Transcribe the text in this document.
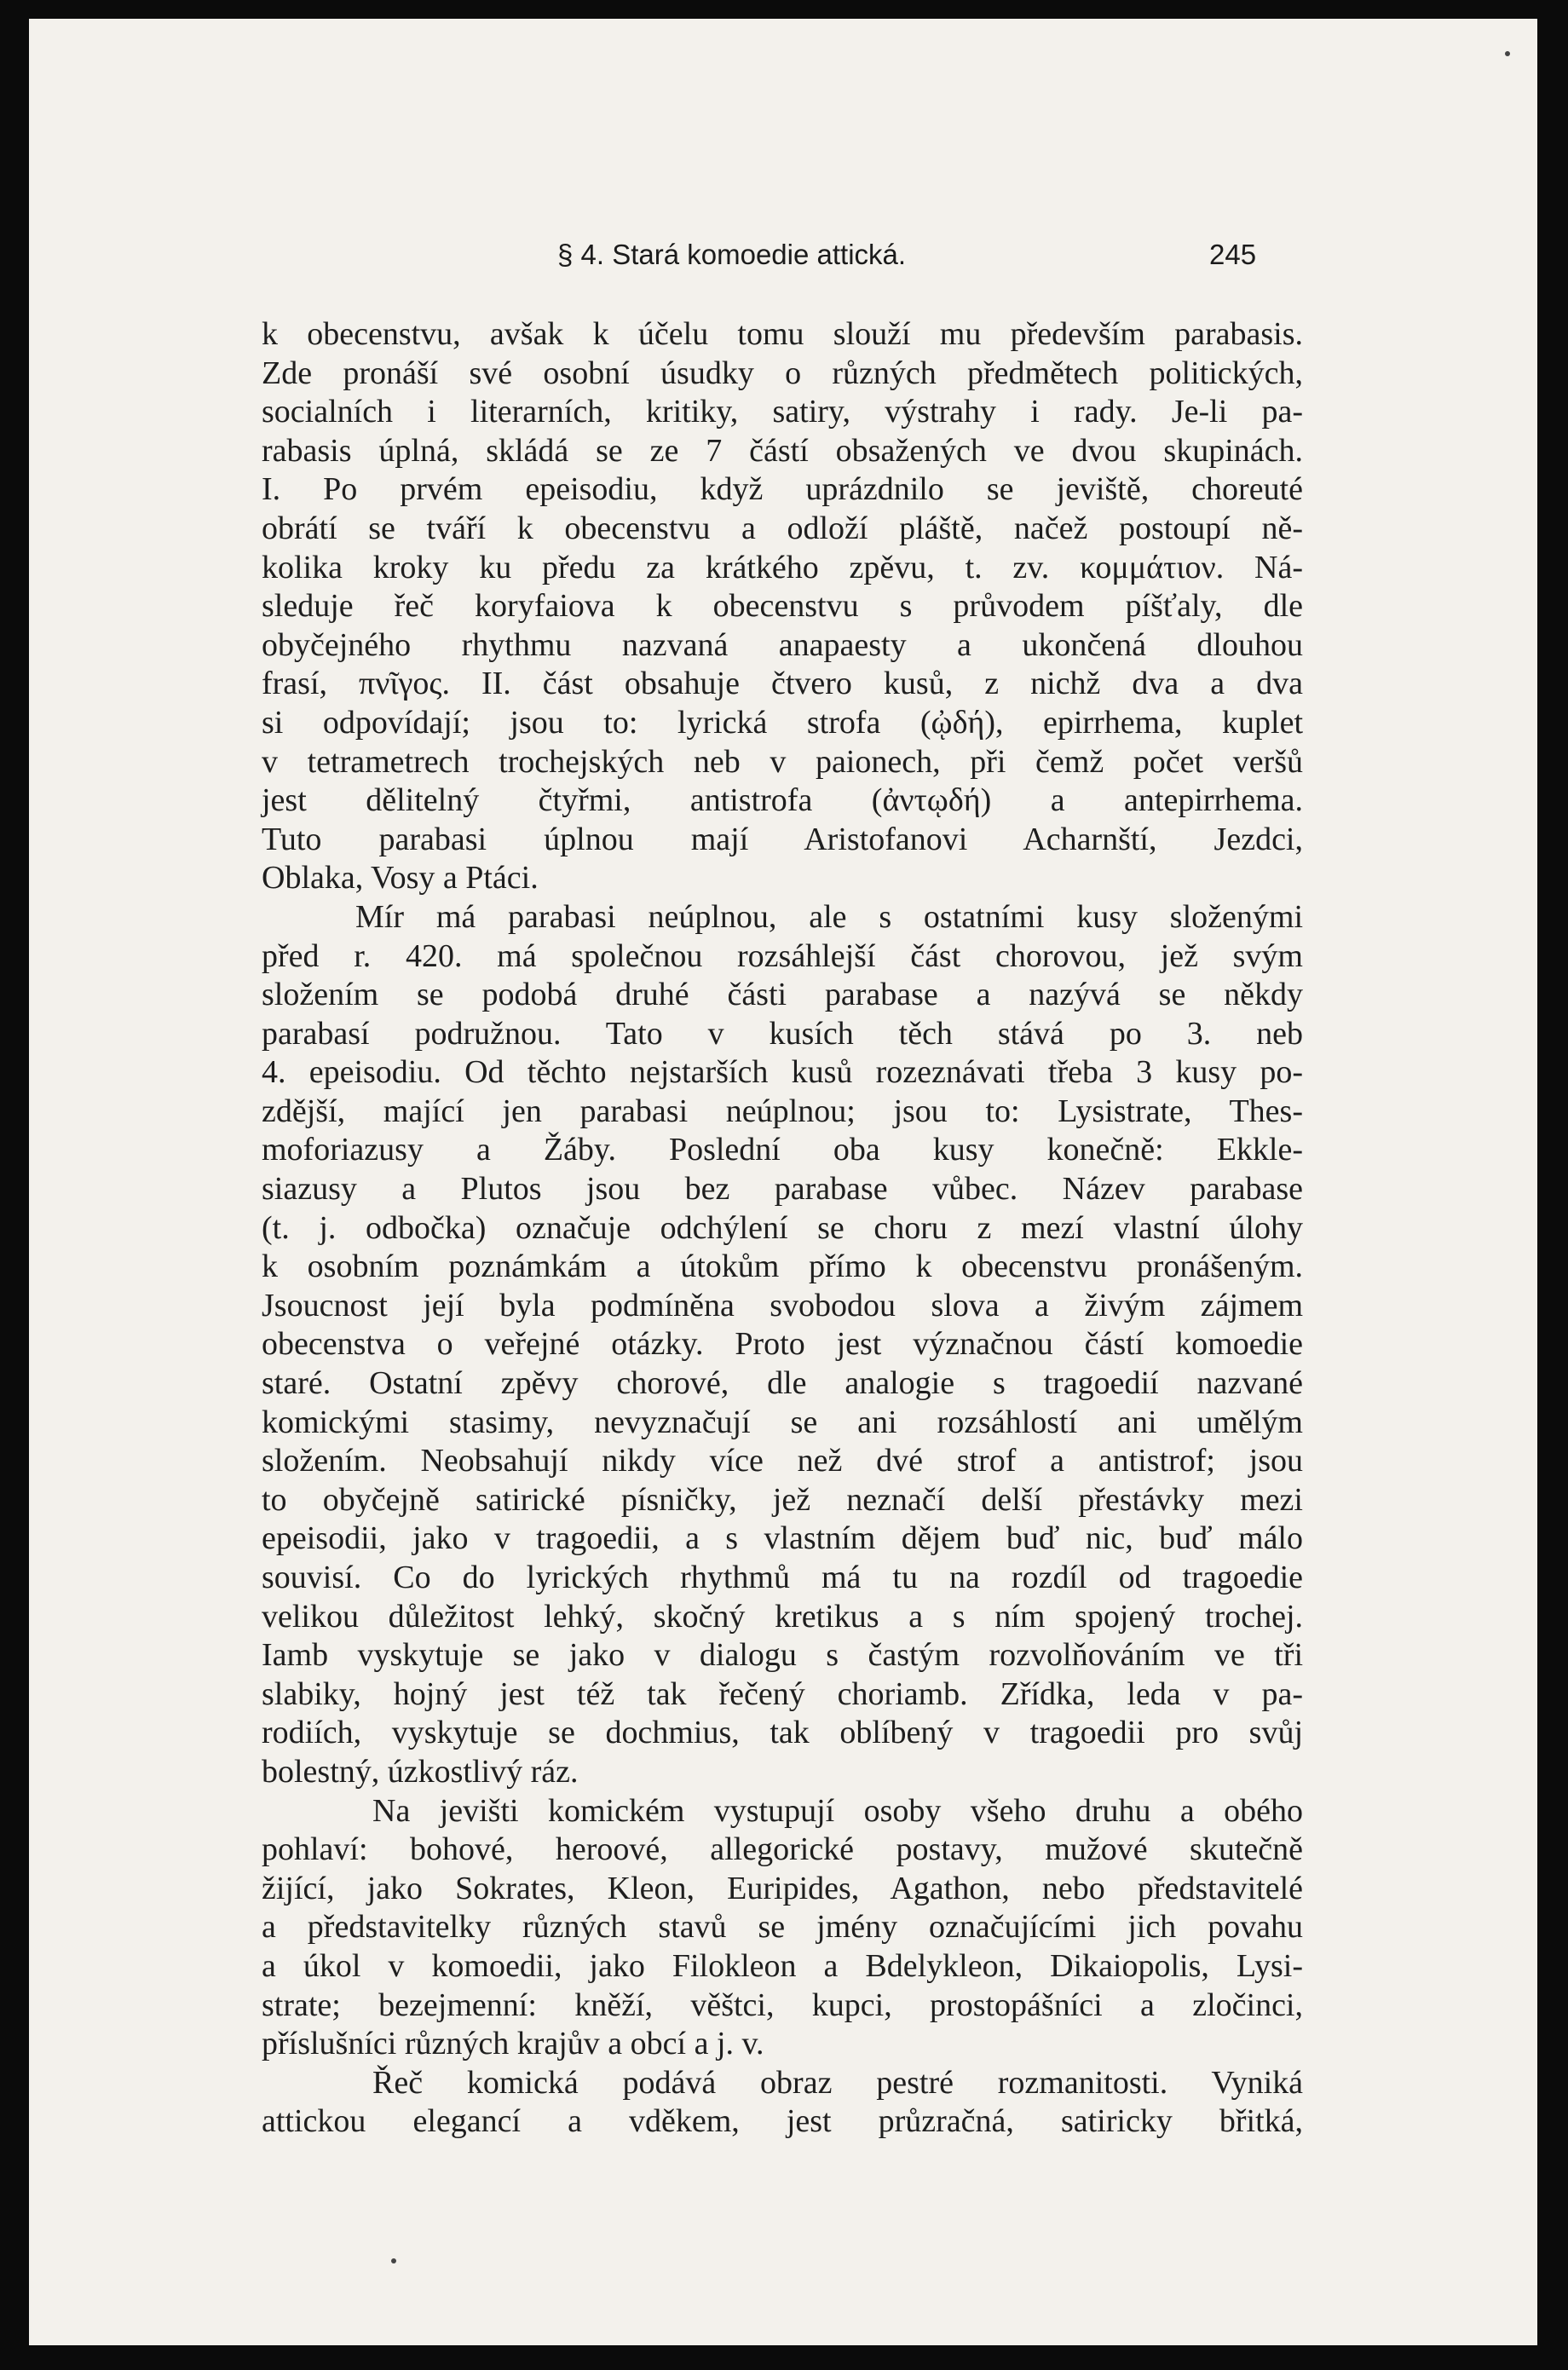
§ 4. Stará komoedie attická.	245
k obecenstvu, avšak k účelu tomu slouží mu především parabasis.
Zde pronáší své osobní úsudky o různých předmětech politických,
socialních i literarních, kritiky, satiry, výstrahy i rady. Je-li pa-
rabasis úplná, skládá se ze 7 částí obsažených ve dvou skupinách.
I. Po prvém epeisodiu, když uprázdnilo se jeviště, choreuté
obrátí se tváří k obecenstvu a odloží pláště, načež postoupí ně-
kolika kroky ku předu za krátkého zpěvu, t. zv. κομμάτιον. Ná-
sleduje řeč koryfaiova k obecenstvu s průvodem píšťaly, dle
obyčejného rhythmu nazvaná anapaesty a ukončená dlouhou
frasí, πνῖγος. II. část obsahuje čtvero kusů, z nichž dva a dva
si odpovídají; jsou to: lyrická strofa (ᾠδή), epirrhema, kuplet
v tetrametrech trochejských neb v paionech, při čemž počet veršů
jest dělitelný čtyřmi, antistrofa (ἀντῳδή) a antepirrhema.
Tuto parabasi úplnou mají Aristofanovi Acharnští, Jezdci,
Oblaka, Vosy a Ptáci.
Mír má parabasi neúplnou, ale s ostatními kusy složenými
před r. 420. má společnou rozsáhlejší část chorovou, jež svým
složením se podobá druhé části parabase a nazývá se někdy
parabasí podružnou. Tato v kusích těch stává po 3. neb
4. epeisodiu. Od těchto nejstarších kusů rozeznávati třeba 3 kusy po-
zdější, mající jen parabasi neúplnou; jsou to: Lysistrate, Thes-
moforiazusy a Žáby. Poslední oba kusy konečně: Ekkle-
siazusy a Plutos jsou bez parabase vůbec. Název parabase
(t. j. odbočka) označuje odchýlení se choru z mezí vlastní úlohy
k osobním poznámkám a útokům přímo k obecenstvu pronášeným.
Jsoucnost její byla podmíněna svobodou slova a živým zájmem
obecenstva o veřejné otázky. Proto jest význačnou částí komoedie
staré. Ostatní zpěvy chorové, dle analogie s tragoedií nazvané
komickými stasimy, nevyznačují se ani rozsáhlostí ani umělým
složením. Neobsahují nikdy více než dvé strof a antistrof; jsou
to obyčejně satirické písničky, jež neznačí delší přestávky mezi
epeisodii, jako v tragoedii, a s vlastním dějem buď nic, buď málo
souvisí. Co do lyrických rhythmů má tu na rozdíl od tragoedie
velikou důležitost lehký, skočný kretikus a s ním spojený trochej.
Iamb vyskytuje se jako v dialogu s častým rozvolňováním ve tři
slabiky, hojný jest též tak řečený choriamb. Zřídka, leda v pa-
rodiích, vyskytuje se dochmius, tak oblíbený v tragoedii pro svůj
bolestný, úzkostlivý ráz.
Na jevišti komickém vystupují osoby všeho druhu a obého
pohlaví: bohové, heroové, allegorické postavy, mužové skutečně
žijící, jako Sokrates, Kleon, Euripides, Agathon, nebo představitelé
a představitelky různých stavů se jmény označujícími jich povahu
a úkol v komoedii, jako Filokleon a Bdelykleon, Dikaiopolis, Lysi-
strate; bezejmenní: kněží, věštci, kupci, prostopášníci a zločinci,
příslušníci různých krajův a obcí a j. v.
Řeč komická podává obraz pestré rozmanitosti. Vyniká
attickou elegancí a vděkem, jest průzračná, satiricky břitká,
